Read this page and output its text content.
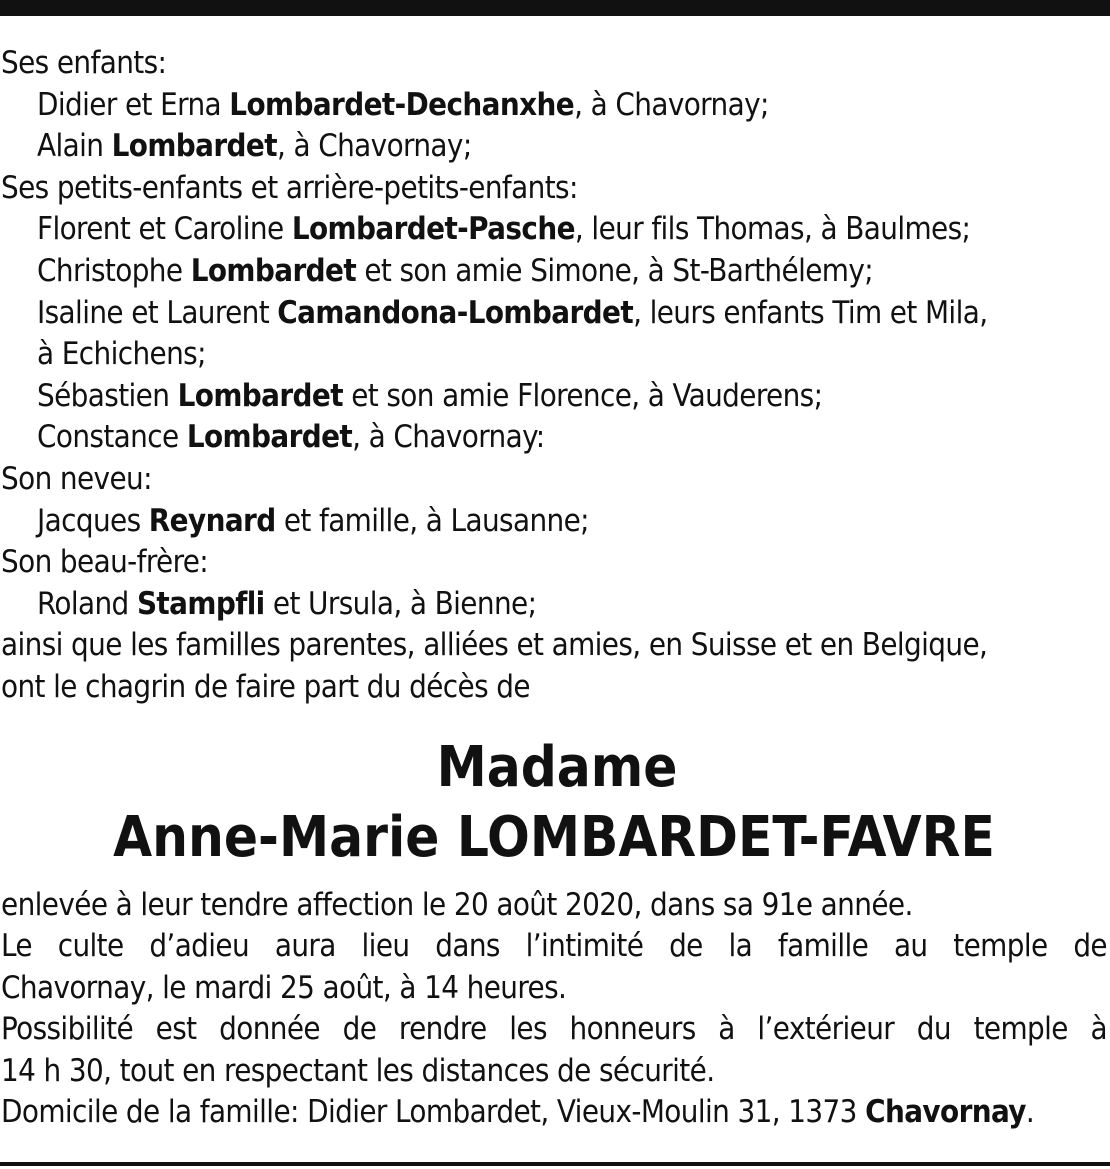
Ses enfants:
Didier et Erna Lombardet-Dechanxhe, à Chavornay;
Alain Lombardet, à Chavornay;
Ses petits-enfants et arrière-petits-enfants:
Florent et Caroline Lombardet-Pasche, leur fils Thomas, à Baulmes;
Christophe Lombardet et son amie Simone, à St-Barthélemy;
Isaline et Laurent Camandona-Lombardet, leurs enfants Tim et Mila,
à Echichens;
Sébastien Lombardet et son amie Florence, à Vauderens;
Constance Lombardet, à Chavornay:
Son neveu:
Jacques Reynard et famille, à Lausanne;
Son beau-frère:
Roland Stampfli et Ursula, à Bienne;
ainsi que les familles parentes, alliées et amies, en Suisse et en Belgique,
ont le chagrin de faire part du décès de
Madame
Anne-Marie LOMBARDET-FAVRE
enlevée à leur tendre affection le 20 août 2020, dans sa 91e année.
Le culte d’adieu aura lieu dans l’intimité de la famille au temple de
Chavornay, le mardi 25 août, à 14 heures.
Possibilité est donnée de rendre les honneurs à l’extérieur du temple à
14 h 30, tout en respectant les distances de sécurité.
Domicile de la famille: Didier Lombardet, Vieux-Moulin 31, 1373 Chavornay.
